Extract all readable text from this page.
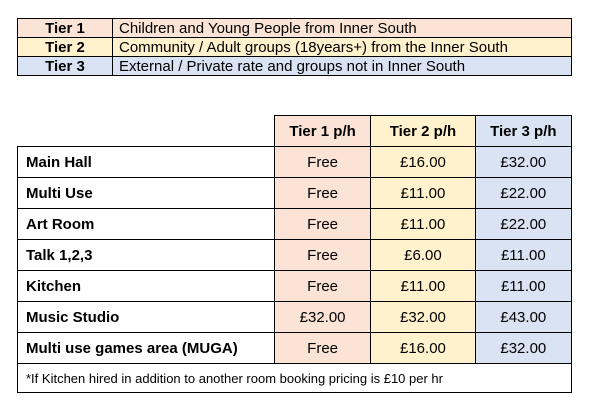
Tier 1	Children and Young People from Inner South
Tier 2	Community / Adult groups (18years+) from the Inner South
Tier 3	External / Private rate and groups not in Inner South
	Tier 1 p/h	Tier 2 p/h	Tier 3 p/h
Main Hall	Free	£16.00	£32.00
Multi Use	Free	£11.00	£22.00
Art Room	Free	£11.00	£22.00
Talk 1,2,3	Free	£6.00	£11.00
Kitchen	Free	£11.00	£11.00
Music Studio	£32.00	£32.00	£43.00
Multi use games area (MUGA)	Free	£16.00	£32.00
*If Kitchen hired in addition to another room booking pricing is £10 per hr			
